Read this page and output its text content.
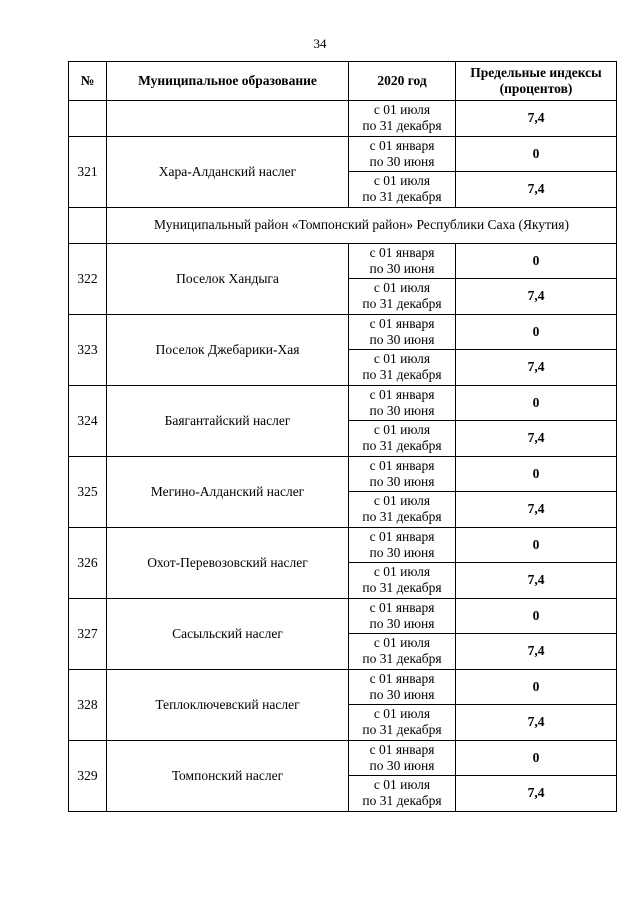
34
№	Муниципальное образование	2020 год	Предельные индексы (процентов)

		с 01 июля
по 31 декабря	7,4
321	Хара-Алданский наслег	с 01 января
по 30 июня	0

		с 01 июля
по 31 декабря	7,4
	Муниципальный район «Томпонский район» Республики Саха (Якутия)		
322	Поселок Хандыга	с 01 января
по 30 июня	0

		с 01 июля
по 31 декабря	7,4
323	Поселок Джебарики-Хая	с 01 января
по 30 июня	0

		с 01 июля
по 31 декабря	7,4
324	Баягантайский наслег	с 01 января
по 30 июня	0

		с 01 июля
по 31 декабря	7,4
325	Мегино-Алданский наслег	с 01 января
по 30 июня	0

		с 01 июля
по 31 декабря	7,4
326	Охот-Перевозовский наслег	с 01 января
по 30 июня	0

		с 01 июля
по 31 декабря	7,4
327	Сасыльский наслег	с 01 января
по 30 июня	0

		с 01 июля
по 31 декабря	7,4
328	Теплоключевский наслег	с 01 января
по 30 июня	0

		с 01 июля
по 31 декабря	7,4
329	Томпонский наслег	с 01 января
по 30 июня	0

		с 01 июля
по 31 декабря	7,4
